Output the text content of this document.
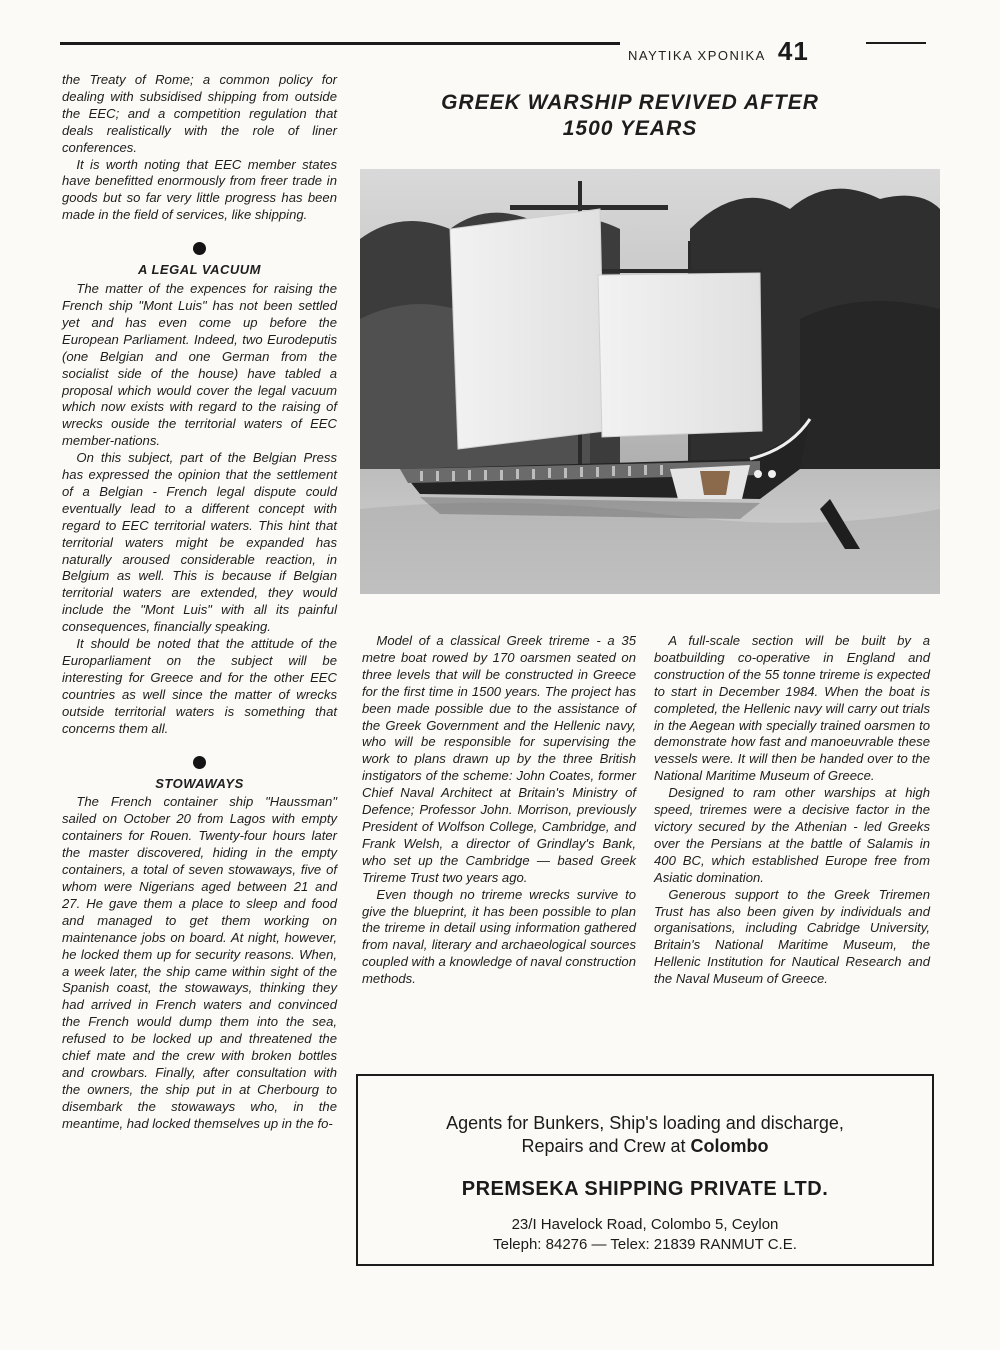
ΝΑΥΤΙΚΑ ΧΡΟΝΙΚΑ 41

the Treaty of Rome; a common policy for dealing with subsidised shipping from outside the EEC; and a competition regulation that deals realistically with the role of liner conferences.

It is worth noting that EEC member states have benefitted enormously from freer trade in goods but so far very little progress has been made in the field of services, like shipping.

A LEGAL VACUUM

The matter of the expences for raising the French ship "Mont Luis" has not been settled yet and has even come up before the European Parliament. Indeed, two Eurodeputis (one Belgian and one German from the socialist side of the house) have tabled a proposal which would cover the legal vacuum which now exists with regard to the raising of wrecks ouside the territorial waters of EEC member-nations.

On this subject, part of the Belgian Press has expressed the opinion that the settlement of a Belgian - French legal dispute could eventually lead to a different concept with regard to EEC territorial waters. This hint that territorial waters might be expanded has naturally aroused considerable reaction, in Belgium as well. This is because if Belgian territorial waters are extended, they would include the "Mont Luis" with all its painful consequences, financially speaking.

It should be noted that the attitude of the Europarliament on the subject will be interesting for Greece and for the other EEC countries as well since the matter of wrecks outside territorial waters is something that concerns them all.

STOWAWAYS

The French container ship "Haussman" sailed on October 20 from Lagos with empty containers for Rouen. Twenty-four hours later the master discovered, hiding in the empty containers, a total of seven stowaways, five of whom were Nigerians aged between 21 and 27. He gave them a place to sleep and food and managed to get them working on maintenance jobs on board. At night, however, he locked them up for security reasons. When, a week later, the ship came within sight of the Spanish coast, the stowaways, thinking they had arrived in French waters and convinced the French would dump them into the sea, refused to be locked up and threatened the chief mate and the crew with broken bottles and crowbars. Finally, after consultation with the owners, the ship put in at Cherbourg to disembark the stowaways who, in the meantime, had locked themselves up in the fo-

GREEK WARSHIP REVIVED AFTER
1500 YEARS

Model of a classical Greek trireme - a 35 metre boat rowed by 170 oarsmen seated on three levels that will be constructed in Greece for the first time in 1500 years. The project has been made possible due to the assistance of the Greek Government and the Hellenic navy, who will be responsible for supervising the work to plans drawn up by the three British instigators of the scheme: John Coates, former Chief Naval Architect at Britain's Ministry of Defence; Professor John. Morrison, previously President of Wolfson College, Cambridge, and Frank Welsh, a director of Grindlay's Bank, who set up the Cambridge — based Greek Trireme Trust two years ago.

Even though no trireme wrecks survive to give the blueprint, it has been possible to plan the trireme in detail using information gathered from naval, literary and archaeological sources coupled with a knowledge of naval construction methods.

A full-scale section will be built by a boatbuilding co-operative in England and construction of the 55 tonne trireme is expected to start in December 1984. When the boat is completed, the Hellenic navy will carry out trials in the Aegean with specially trained oarsmen to demonstrate how fast and manoeuvrable these vessels were. It will then be handed over to the National Maritime Museum of Greece.

Designed to ram other warships at high speed, triremes were a decisive factor in the victory secured by the Athenian - led Greeks over the Persians at the battle of Salamis in 400 BC, which established Europe free from Asiatic domination.

Generous support to the Greek Triremen Trust has also been given by individuals and organisations, including Cabridge University, Britain's National Maritime Museum, the Hellenic Institution for Nautical Research and the Naval Museum of Greece.

Agents for Bunkers, Ship's loading and discharge,
Repairs and Crew at Colombo
PREMSEKA SHIPPING PRIVATE LTD.
23/I Havelock Road, Colombo 5, Ceylon
Teleph: 84276 — Telex: 21839 RANMUT C.E.
